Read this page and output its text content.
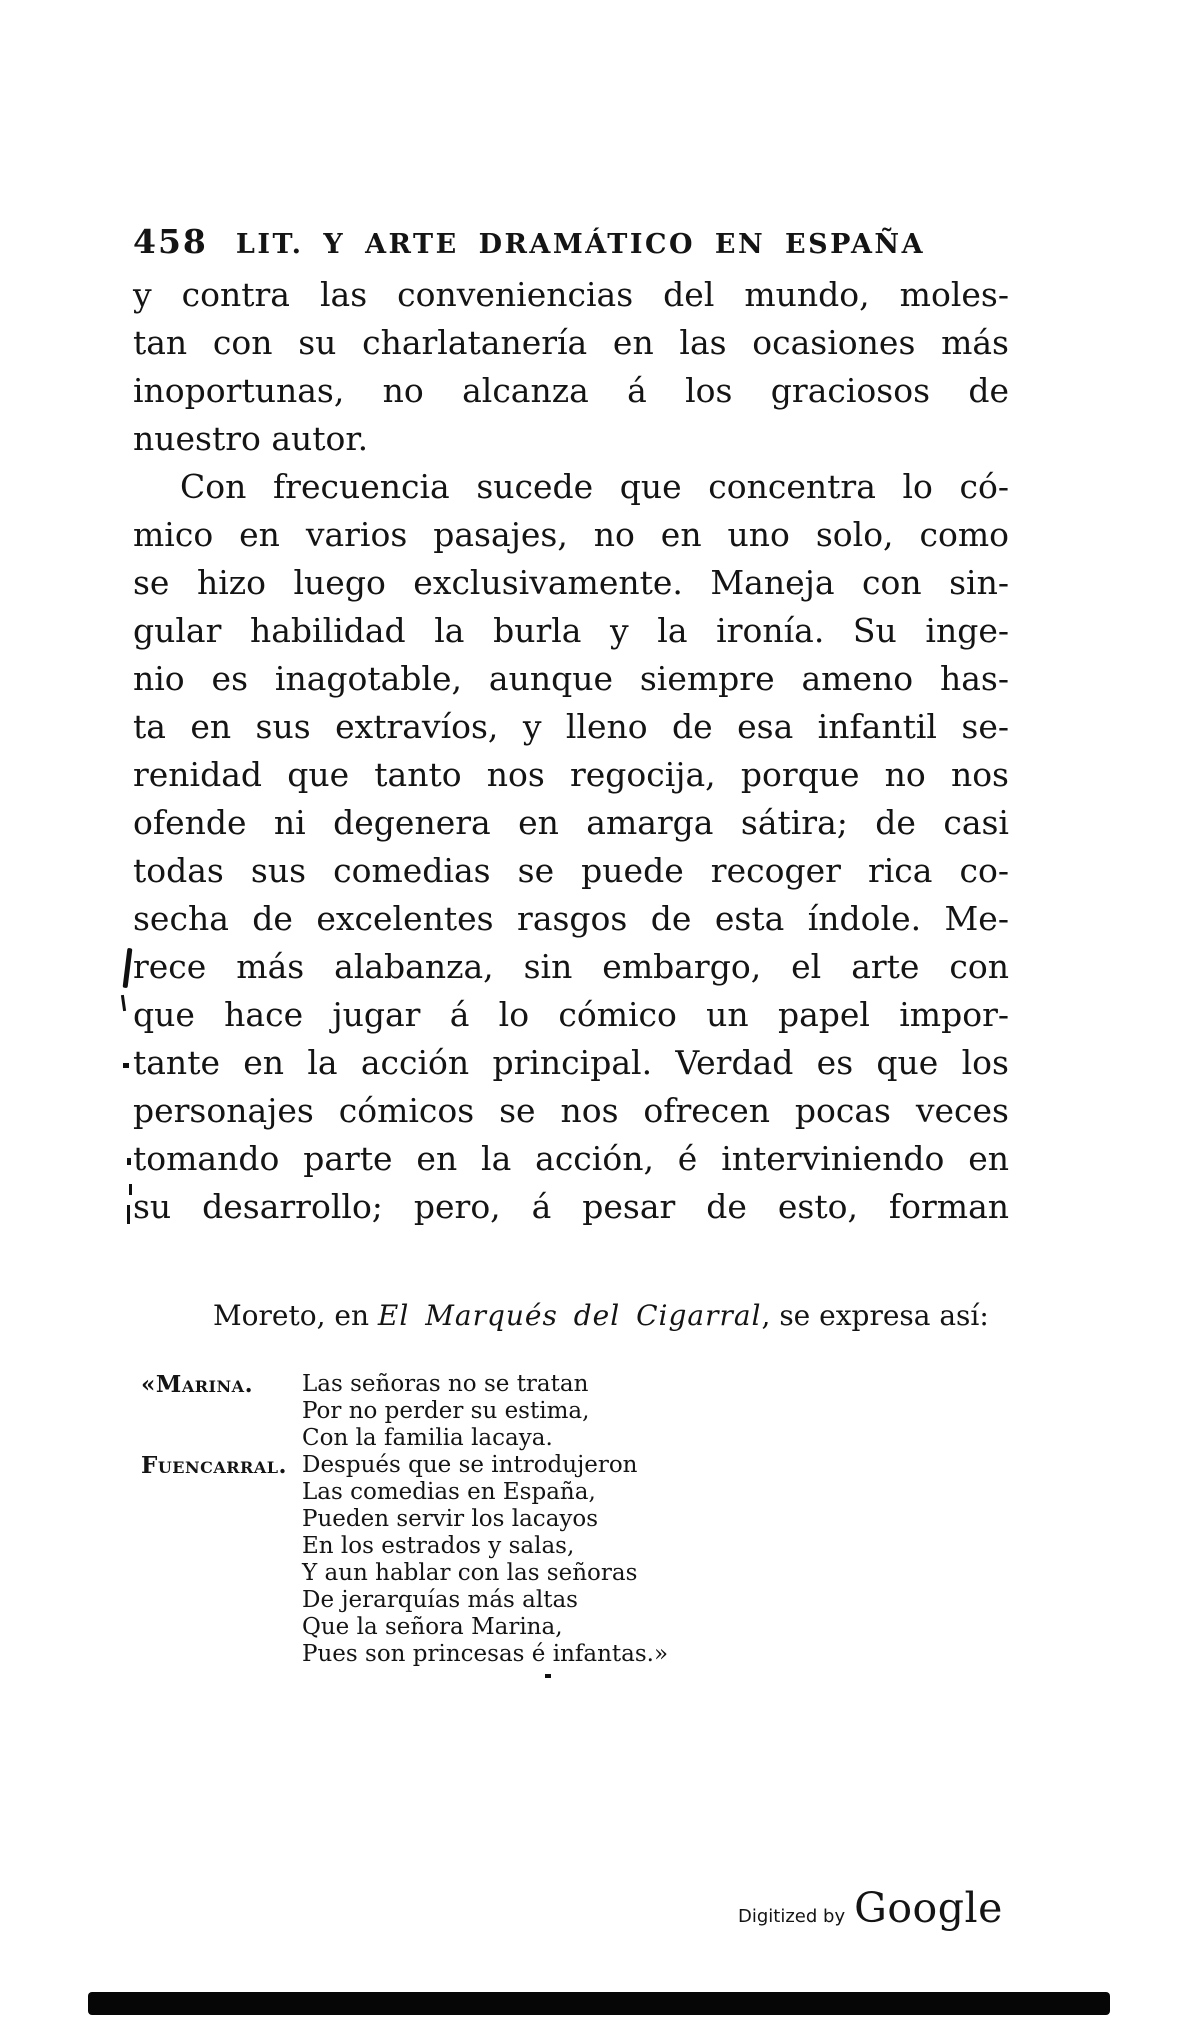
458 LIT. Y ARTE DRAMÁTICO EN ESPAÑA
y contra las conveniencias del mundo, moles-
tan con su charlatanería en las ocasiones más
inoportunas, no alcanza á los graciosos de
nuestro autor.
Con frecuencia sucede que concentra lo có-
mico en varios pasajes, no en uno solo, como
se hizo luego exclusivamente. Maneja con sin-
gular habilidad la burla y la ironía. Su inge-
nio es inagotable, aunque siempre ameno has-
ta en sus extravíos, y lleno de esa infantil se-
renidad que tanto nos regocija, porque no nos
ofende ni degenera en amarga sátira; de casi
todas sus comedias se puede recoger rica co-
secha de excelentes rasgos de esta índole. Me-
rece más alabanza, sin embargo, el arte con
que hace jugar á lo cómico un papel impor-
tante en la acción principal. Verdad es que los
personajes cómicos se nos ofrecen pocas veces
tomando parte en la acción, é interviniendo en
su desarrollo; pero, á pesar de esto, forman
Moreto, en El Marqués del Cigarral, se expresa así:
«Marina.	Las señoras no se tratan
Por no perder su estima,
Con la familia lacaya.
Fuencarral. Después que se introdujeron
Las comedias en España,
Pueden servir los lacayos
En los estrados y salas,
Y aun hablar con las señoras
De jerarquías más altas
Que la señora Marina,
Pues son princesas é infantas.»
Digitized by Google
